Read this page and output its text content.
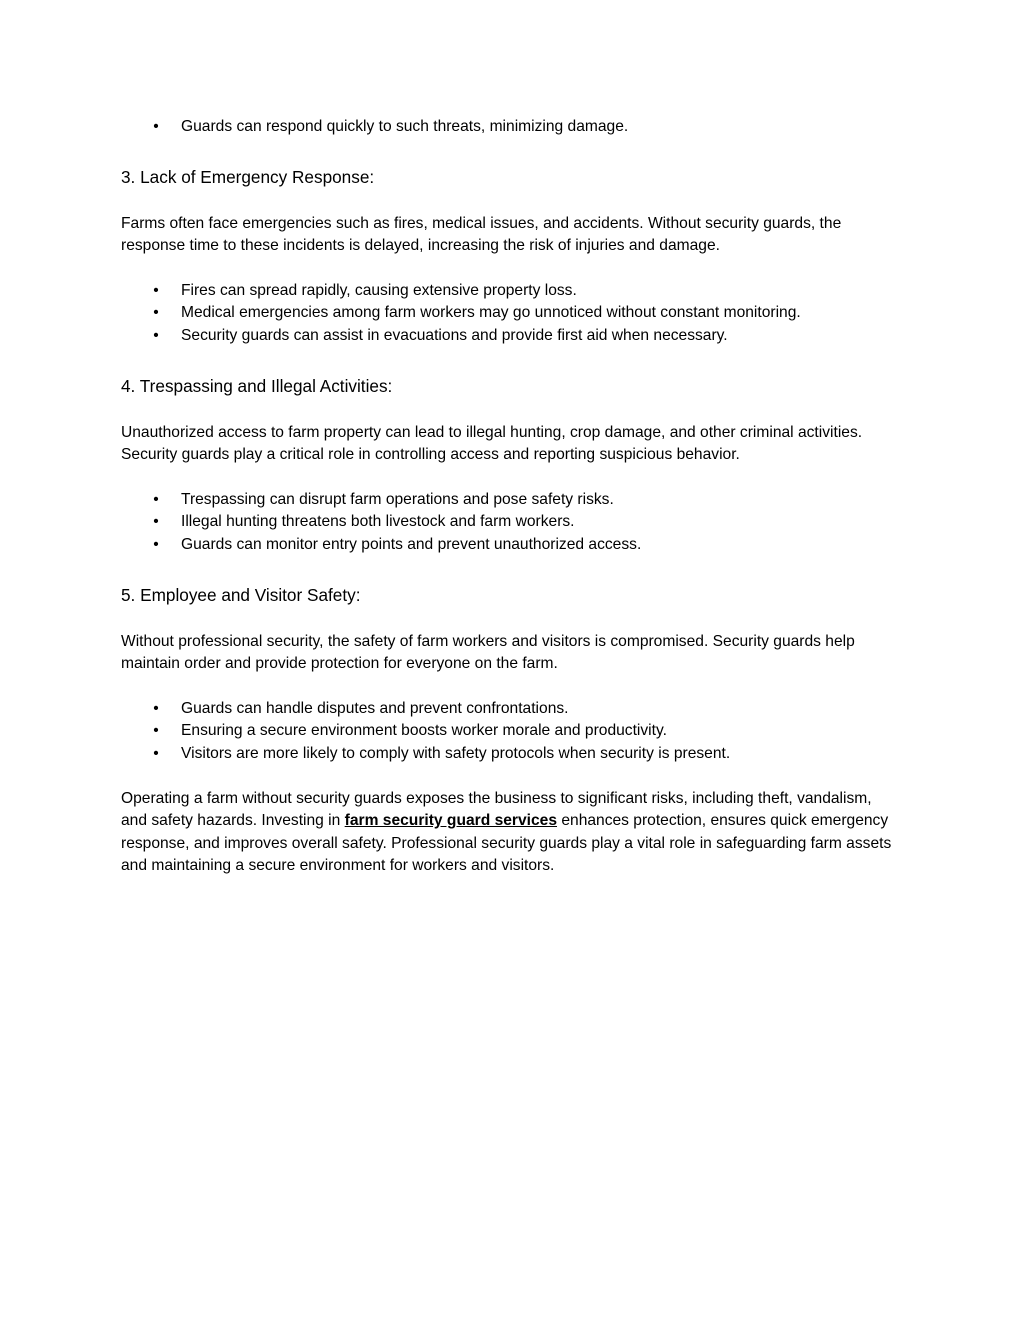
• Guards can respond quickly to such threats, minimizing damage.
3. Lack of Emergency Response:

Farms often face emergencies such as fires, medical issues, and accidents. Without security guards, the response time to these incidents is delayed, increasing the risk of injuries and damage.

• Fires can spread rapidly, causing extensive property loss.
• Medical emergencies among farm workers may go unnoticed without constant monitoring.
• Security guards can assist in evacuations and provide first aid when necessary.
4. Trespassing and Illegal Activities:

Unauthorized access to farm property can lead to illegal hunting, crop damage, and other criminal activities. Security guards play a critical role in controlling access and reporting suspicious behavior.

• Trespassing can disrupt farm operations and pose safety risks.
• Illegal hunting threatens both livestock and farm workers.
• Guards can monitor entry points and prevent unauthorized access.
5. Employee and Visitor Safety:

Without professional security, the safety of farm workers and visitors is compromised. Security guards help maintain order and provide protection for everyone on the farm.

• Guards can handle disputes and prevent confrontations.
• Ensuring a secure environment boosts worker morale and productivity.
• Visitors are more likely to comply with safety protocols when security is present.

Operating a farm without security guards exposes the business to significant risks, including theft, vandalism, and safety hazards. Investing in farm security guard services enhances protection, ensures quick emergency response, and improves overall safety. Professional security guards play a vital role in safeguarding farm assets and maintaining a secure environment for workers and visitors.
